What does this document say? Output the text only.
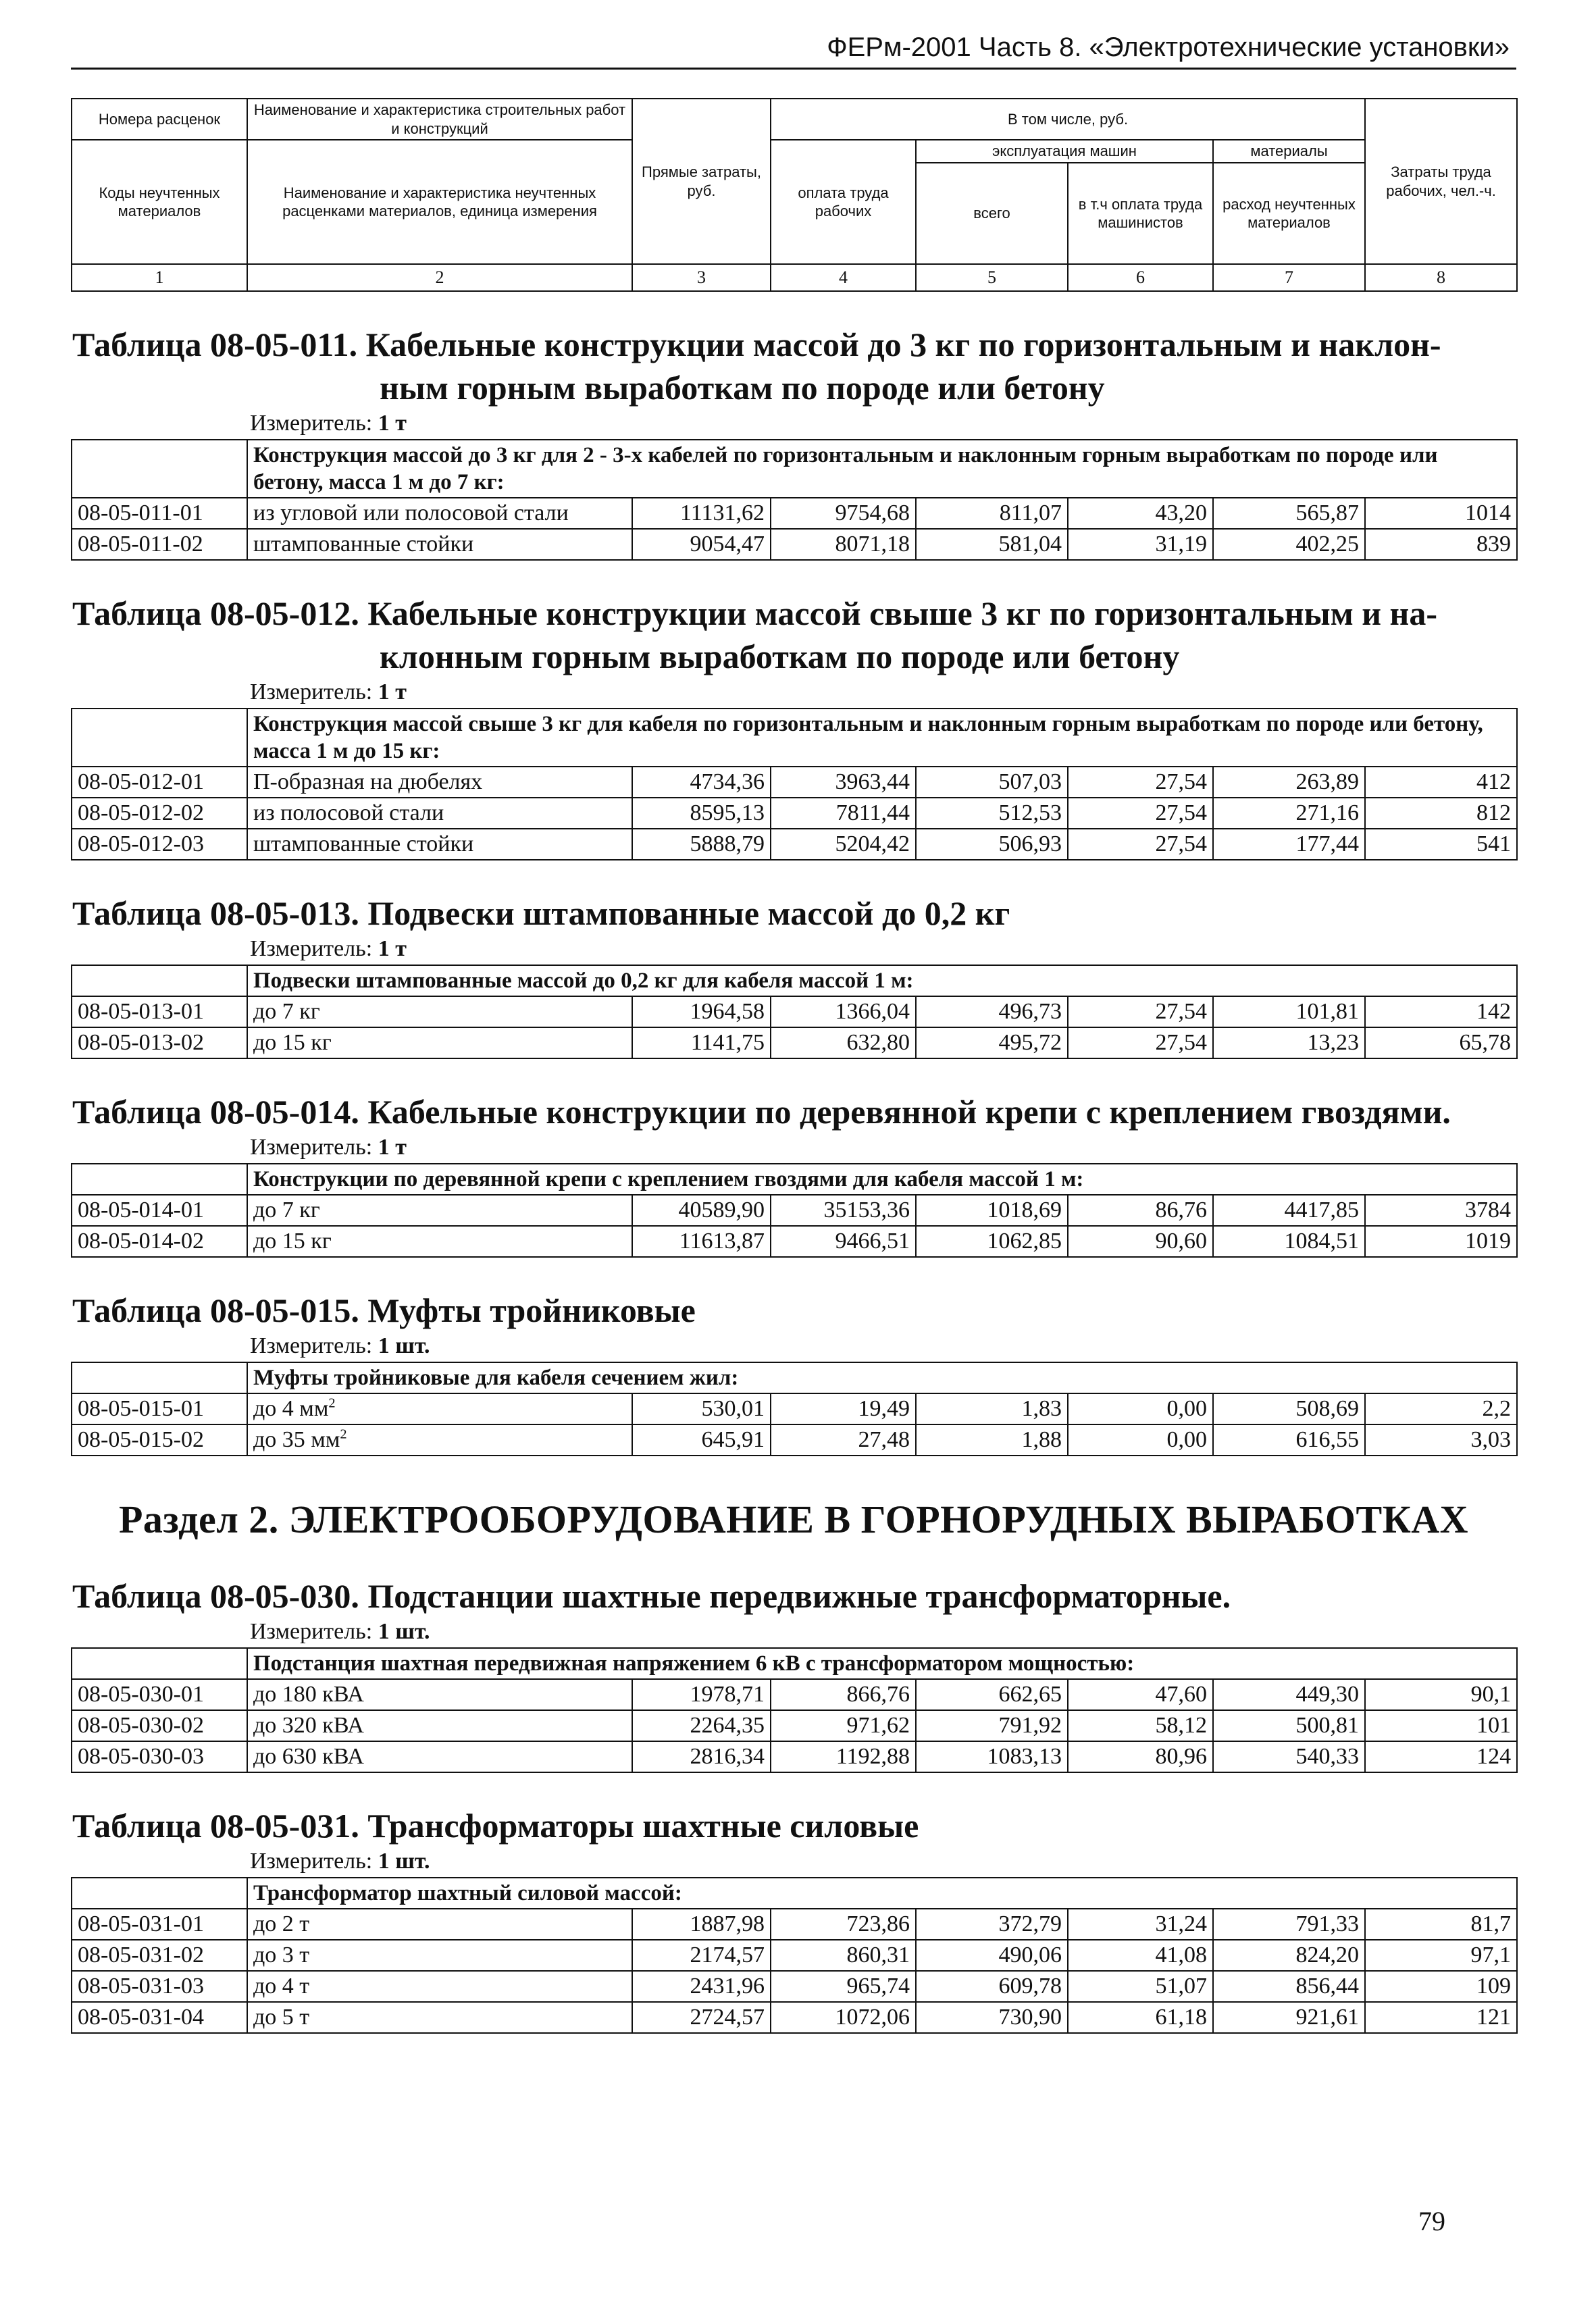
ФЕРм-2001 Часть 8. «Электротехнические установки»
Номера расценок	Наименование и характеристика строительных работ и конструкций	Прямые затраты, руб.	В том числе, руб.				Затраты труда рабочих, чел.-ч.
Коды неучтенных материалов	Наименование и характеристика неучтенных расценками материалов, единица измерения		оплата труда рабочих	эксплуатация машин		материалы	
				всего	в т.ч оплата труда машинистов	расход неучтенных материалов	
1	2	3	4	5	6	7	8
Таблица 08-05-011. Кабельные конструкции массой до 3 кг по горизонтальным и наклон-
ным горным выработкам по породе или бетону
Измеритель: 1 т
	Конструкция массой до 3 кг для 2 - 3-х кабелей по горизонтальным и наклонным горным выработкам по породе или бетону, масса 1 м до 7 кг:						
08-05-011-01	из угловой или полосовой стали	11131,62	9754,68	811,07	43,20	565,87	1014
08-05-011-02	штампованные стойки	9054,47	8071,18	581,04	31,19	402,25	839
Таблица 08-05-012. Кабельные конструкции массой свыше 3 кг по горизонтальным и на-
клонным горным выработкам по породе или бетону
Измеритель: 1 т
	Конструкция массой свыше 3 кг для кабеля по горизонтальным и наклонным горным выработкам по породе или бетону, масса 1 м до 15 кг:						
08-05-012-01	П-образная на дюбелях	4734,36	3963,44	507,03	27,54	263,89	412
08-05-012-02	из полосовой стали	8595,13	7811,44	512,53	27,54	271,16	812
08-05-012-03	штампованные стойки	5888,79	5204,42	506,93	27,54	177,44	541
Таблица 08-05-013. Подвески штампованные массой до 0,2 кг
Измеритель: 1 т
	Подвески штампованные массой до 0,2 кг для кабеля массой 1 м:						
08-05-013-01	до 7 кг	1964,58	1366,04	496,73	27,54	101,81	142
08-05-013-02	до 15 кг	1141,75	632,80	495,72	27,54	13,23	65,78
Таблица 08-05-014. Кабельные конструкции по деревянной крепи с креплением гвоздями.
Измеритель: 1 т
	Конструкции по деревянной крепи с креплением гвоздями для кабеля массой 1 м:						
08-05-014-01	до 7 кг	40589,90	35153,36	1018,69	86,76	4417,85	3784
08-05-014-02	до 15 кг	11613,87	9466,51	1062,85	90,60	1084,51	1019
Таблица 08-05-015. Муфты тройниковые
Измеритель: 1 шт.
	Муфты тройниковые для кабеля сечением жил:						
08-05-015-01	до 4 $мм^2$	530,01	19,49	1,83	0,00	508,69	2,2
08-05-015-02	до 35 $мм^2$	645,91	27,48	1,88	0,00	616,55	3,03
Раздел 2. ЭЛЕКТРООБОРУДОВАНИЕ В ГОРНОРУДНЫХ ВЫРАБОТКАХ
Таблица 08-05-030. Подстанции шахтные передвижные трансформаторные.
Измеритель: 1 шт.
	Подстанция шахтная передвижная напряжением 6 кВ с трансформатором мощностью:						
08-05-030-01	до 180 кВА	1978,71	866,76	662,65	47,60	449,30	90,1
08-05-030-02	до 320 кВА	2264,35	971,62	791,92	58,12	500,81	101
08-05-030-03	до 630 кВА	2816,34	1192,88	1083,13	80,96	540,33	124
Таблица 08-05-031. Трансформаторы шахтные силовые
Измеритель: 1 шт.
	Трансформатор шахтный силовой массой:						
08-05-031-01	до 2 т	1887,98	723,86	372,79	31,24	791,33	81,7
08-05-031-02	до 3 т	2174,57	860,31	490,06	41,08	824,20	97,1
08-05-031-03	до 4 т	2431,96	965,74	609,78	51,07	856,44	109
08-05-031-04	до 5 т	2724,57	1072,06	730,90	61,18	921,61	121
79
